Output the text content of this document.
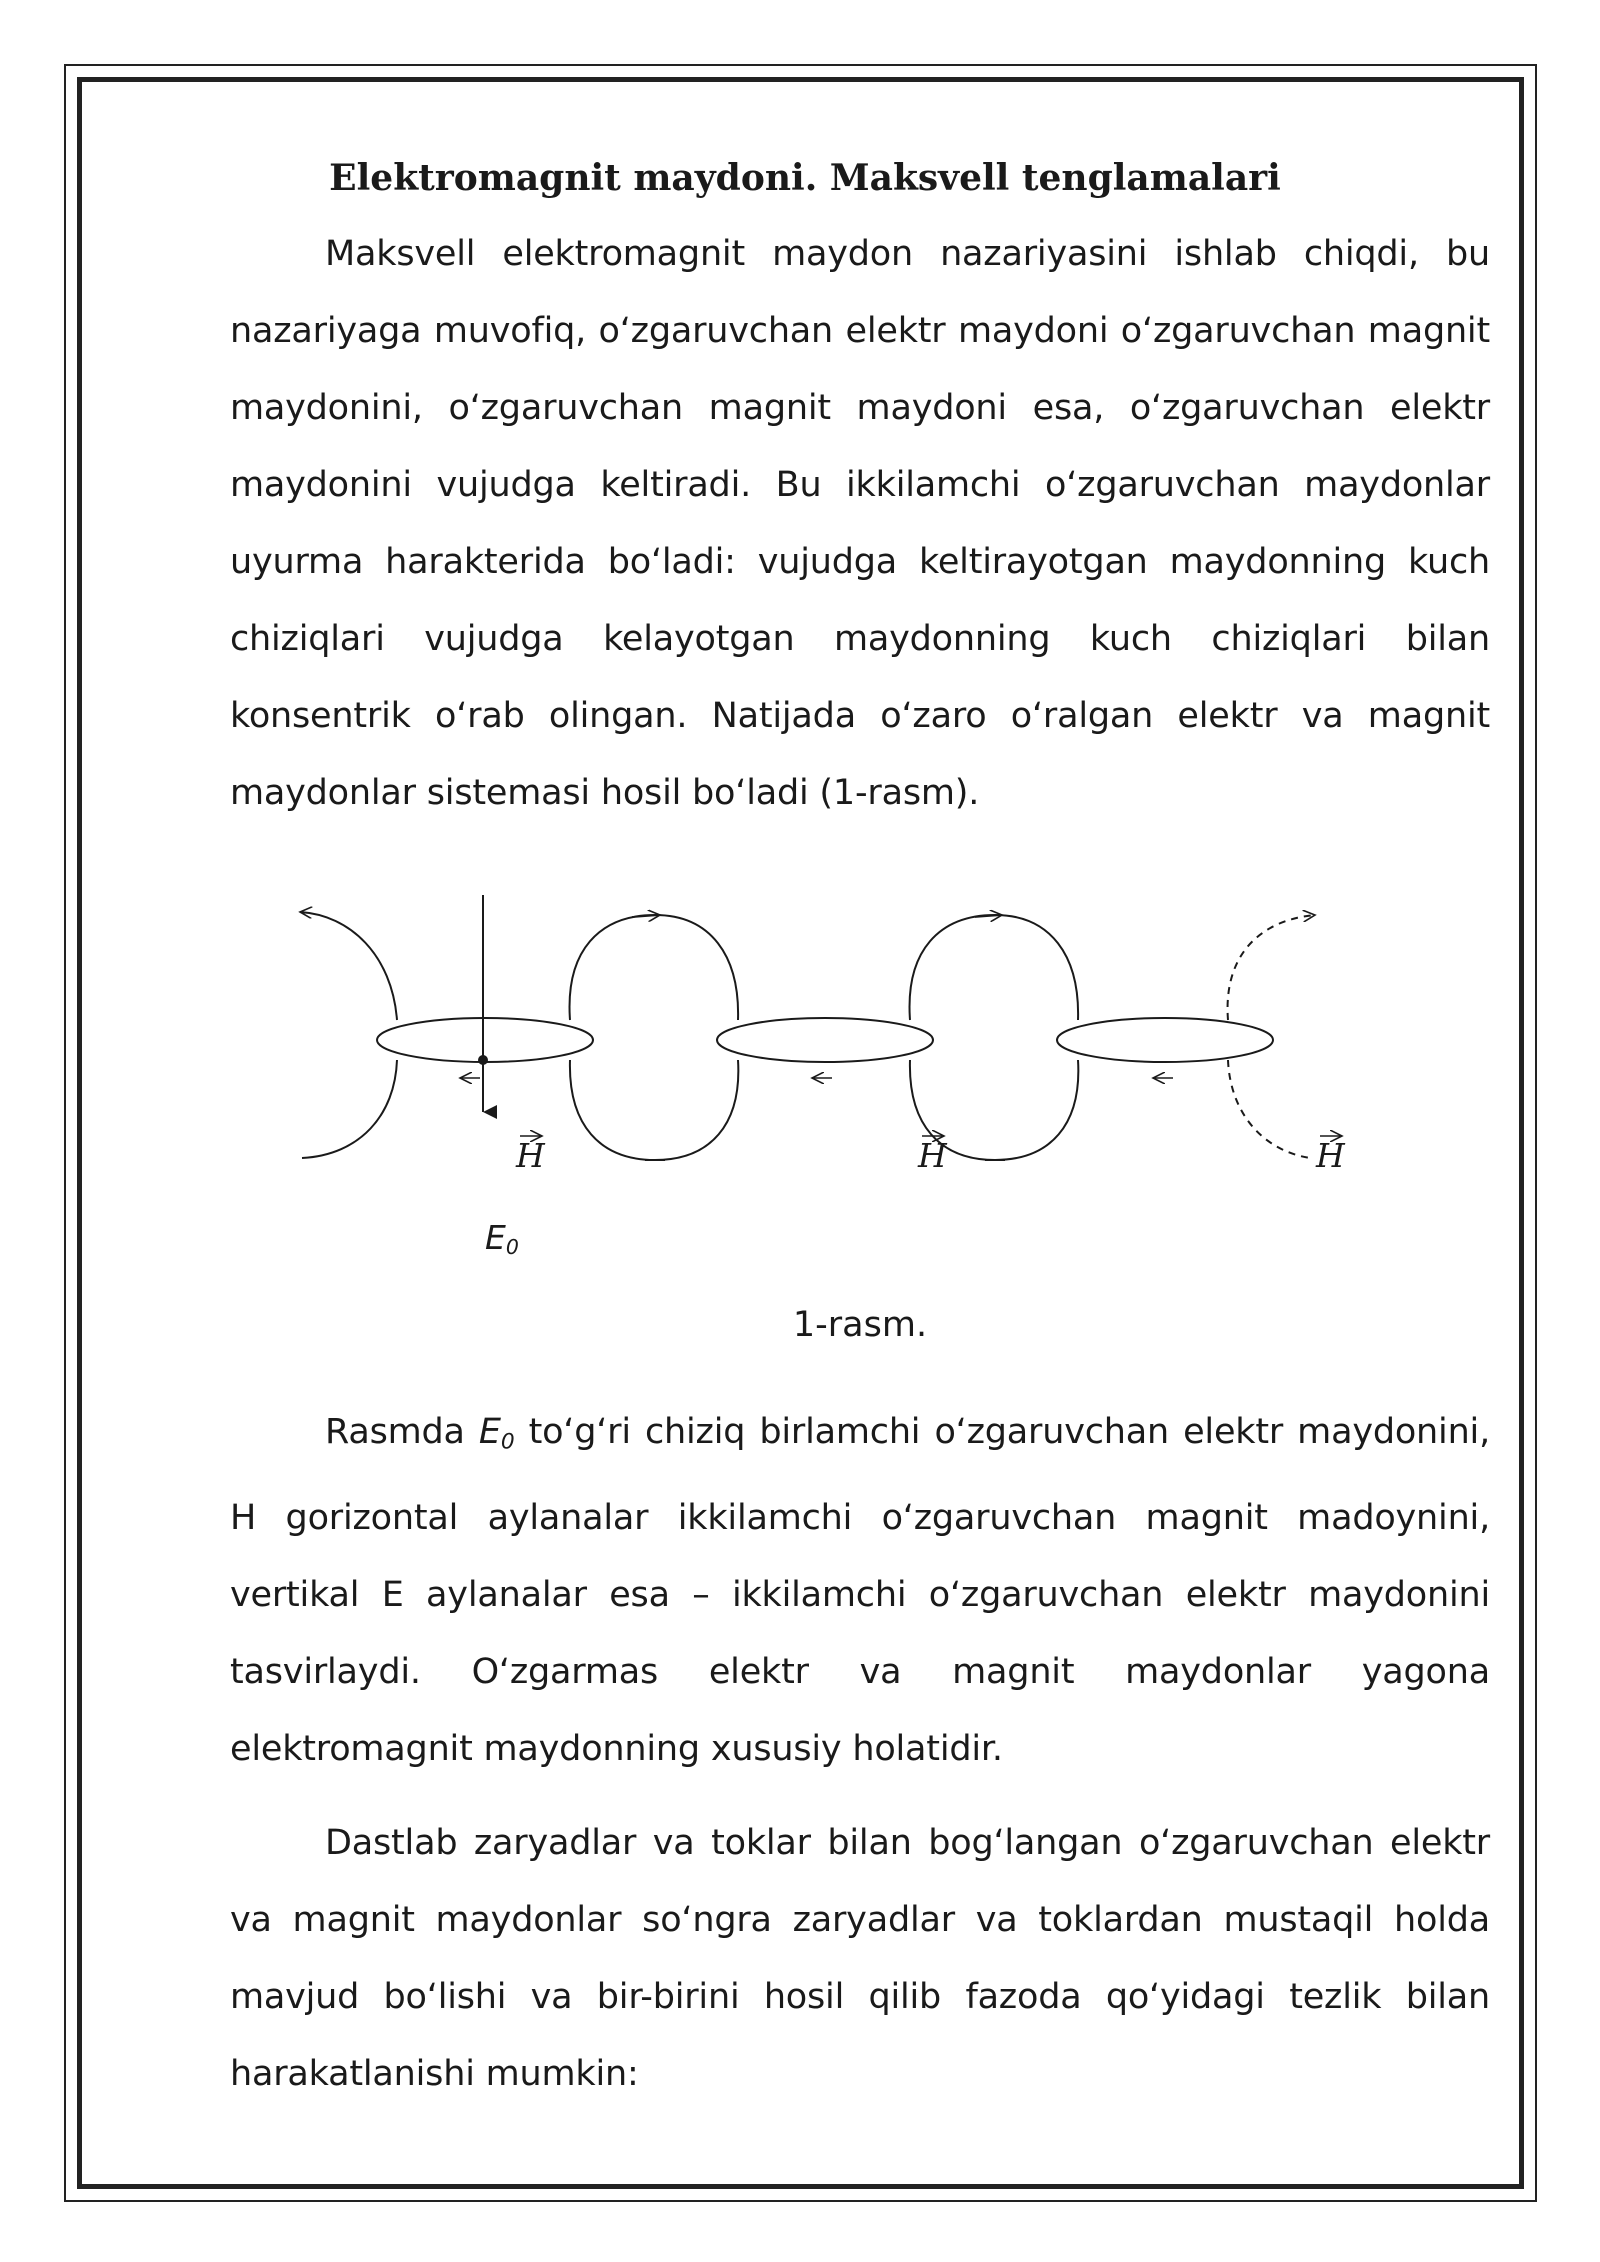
Elektromagnit maydoni. Maksvell tenglamalari

Maksvell elektromagnit maydon nazariyasini ishlab chiqdi, bu nazariyaga muvofiq, o‘zgaruvchan elektr maydoni o‘zgaruvchan magnit maydonini, o‘zgaruvchan magnit maydoni esa, o‘zgaruvchan elektr maydonini vujudga keltiradi. Bu ikkilamchi o‘zgaruvchan maydonlar uyurma harakterida bo‘ladi: vujudga keltirayotgan maydonning kuch chiziqlari vujudga kelayotgan maydonning kuch chiziqlari bilan konsentrik o‘rab olingan. Natijada o‘zaro o‘ralgan elektr va magnit maydonlar sistemasi hosil bo‘ladi (1-rasm).

H	H	H
$E_0$

1-rasm.

Rasmda $E_0$ to‘g‘ri chiziq birlamchi o‘zgaruvchan elektr maydonini, H gorizontal aylanalar ikkilamchi o‘zgaruvchan magnit madoynini, vertikal E aylanalar esa – ikkilamchi o‘zgaruvchan elektr maydonini tasvirlaydi. O‘zgarmas elektr va magnit maydonlar yagona elektromagnit maydonning xususiy holatidir.

Dastlab zaryadlar va toklar bilan bog‘langan o‘zgaruvchan elektr va magnit maydonlar so‘ngra zaryadlar va toklardan mustaqil holda mavjud bo‘lishi va bir-birini hosil qilib fazoda qo‘yidagi tezlik bilan harakatlanishi mumkin:
